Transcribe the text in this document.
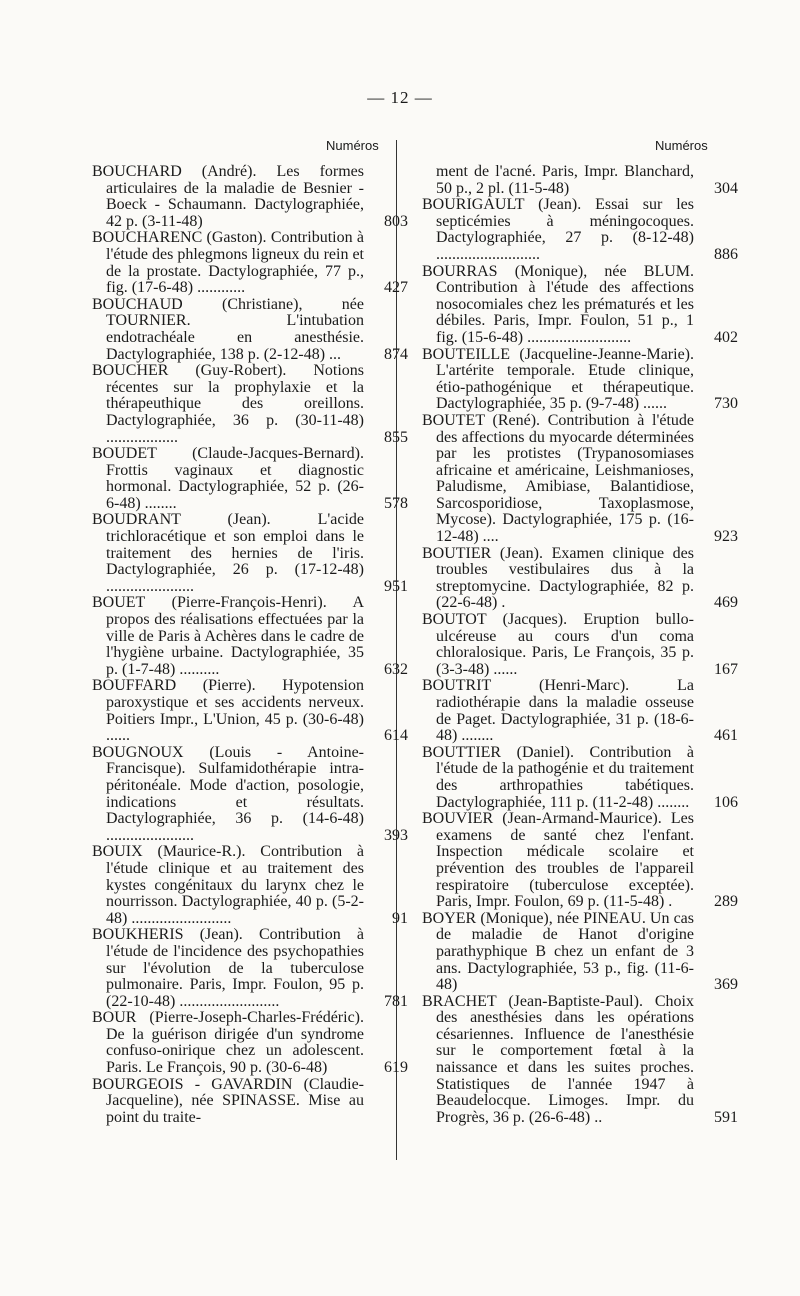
— 12 —
Numéros	Numéros

BOUCHARD (André). Les formes articulaires de la maladie de Besnier - Boeck - Schaumann. Dactylographiée, 42 p. (3-11-48)	803

BOUCHARENC (Gaston). Contribution à l'étude des phlegmons ligneux du rein et de la prostate. Dactylographiée, 77 p., fig. (17-6-48) ............	427

BOUCHAUD (Christiane), née TOURNIER. L'intubation endotrachéale en anesthésie. Dactylographiée, 138 p. (2-12-48) ...	874

BOUCHER (Guy-Robert). Notions récentes sur la prophylaxie et la thérapeuthique des oreillons. Dactylographiée, 36 p. (30-11-48) ..................	855

BOUDET (Claude-Jacques-Bernard). Frottis vaginaux et diagnostic hormonal. Dactylographiée, 52 p. (26-6-48) ........	578

BOUDRANT (Jean). L'acide trichloracétique et son emploi dans le traitement des hernies de l'iris. Dactylographiée, 26 p. (17-12-48) ......................	951

BOUET (Pierre-François-Henri). A propos des réalisations effectuées par la ville de Paris à Achères dans le cadre de l'hygiène urbaine. Dactylographiée, 35 p. (1-7-48) ..........	632

BOUFFARD (Pierre). Hypotension paroxystique et ses accidents nerveux. Poitiers Impr., L'Union, 45 p. (30-6-48) ......	614

BOUGNOUX (Louis - Antoine-Francisque). Sulfamidothérapie intra-péritonéale. Mode d'action, posologie, indications et résultats. Dactylographiée, 36 p. (14-6-48) ......................	393

BOUIX (Maurice-R.). Contribution à l'étude clinique et au traitement des kystes congénitaux du larynx chez le nourrisson. Dactylographiée, 40 p. (5-2-48) .........................	91

BOUKHERIS (Jean). Contribution à l'étude de l'incidence des psychopathies sur l'évolution de la tuberculose pulmonaire. Paris, Impr. Foulon, 95 p. (22-10-48) .........................	781

BOUR (Pierre-Joseph-Charles-Frédéric). De la guérison dirigée d'un syndrome confuso-onirique chez un adolescent. Paris. Le François, 90 p. (30-6-48)	619

BOURGEOIS - GAVARDIN (Claudie-Jacqueline), née SPINASSE. Mise au point du traite-

ment de l'acné. Paris, Impr. Blanchard, 50 p., 2 pl. (11-5-48)	304

BOURIGAULT (Jean). Essai sur les septicémies à méningocoques. Dactylographiée, 27 p. (8-12-48) ..........................	886

BOURRAS (Monique), née BLUM. Contribution à l'étude des affections nosocomiales chez les prématurés et les débiles. Paris, Impr. Foulon, 51 p., 1 fig. (15-6-48) ..........................	402

BOUTEILLE (Jacqueline-Jeanne-Marie). L'artérite temporale. Etude clinique, étio-pathogénique et thérapeutique. Dactylographiée, 35 p. (9-7-48) ......	730

BOUTET (René). Contribution à l'étude des affections du myocarde déterminées par les protistes (Trypanosomiases africaine et américaine, Leishmanioses, Paludisme, Amibiase, Balantidiose, Sarcosporidiose, Taxoplasmose, Mycose). Dactylographiée, 175 p. (16-12-48) ....	923

BOUTIER (Jean). Examen clinique des troubles vestibulaires dus à la streptomycine. Dactylographiée, 82 p. (22-6-48) .	469

BOUTOT (Jacques). Eruption bullo-ulcéreuse au cours d'un coma chloralosique. Paris, Le François, 35 p. (3-3-48) ......	167

BOUTRIT (Henri-Marc). La radiothérapie dans la maladie osseuse de Paget. Dactylographiée, 31 p. (18-6-48) ........	461

BOUTTIER (Daniel). Contribution à l'étude de la pathogénie et du traitement des arthropathies tabétiques. Dactylographiée, 111 p. (11-2-48) ........	106

BOUVIER (Jean-Armand-Maurice). Les examens de santé chez l'enfant. Inspection médicale scolaire et prévention des troubles de l'appareil respiratoire (tuberculose exceptée). Paris, Impr. Foulon, 69 p. (11-5-48) .	289

BOYER (Monique), née PINEAU. Un cas de maladie de Hanot d'origine parathyphique B chez un enfant de 3 ans. Dactylographiée, 53 p., fig. (11-6-48)	369

BRACHET (Jean-Baptiste-Paul). Choix des anesthésies dans les opérations césariennes. Influence de l'anesthésie sur le comportement fœtal à la naissance et dans les suites proches. Statistiques de l'année 1947 à Beaudelocque. Limoges. Impr. du Progrès, 36 p. (26-6-48) ..	591
